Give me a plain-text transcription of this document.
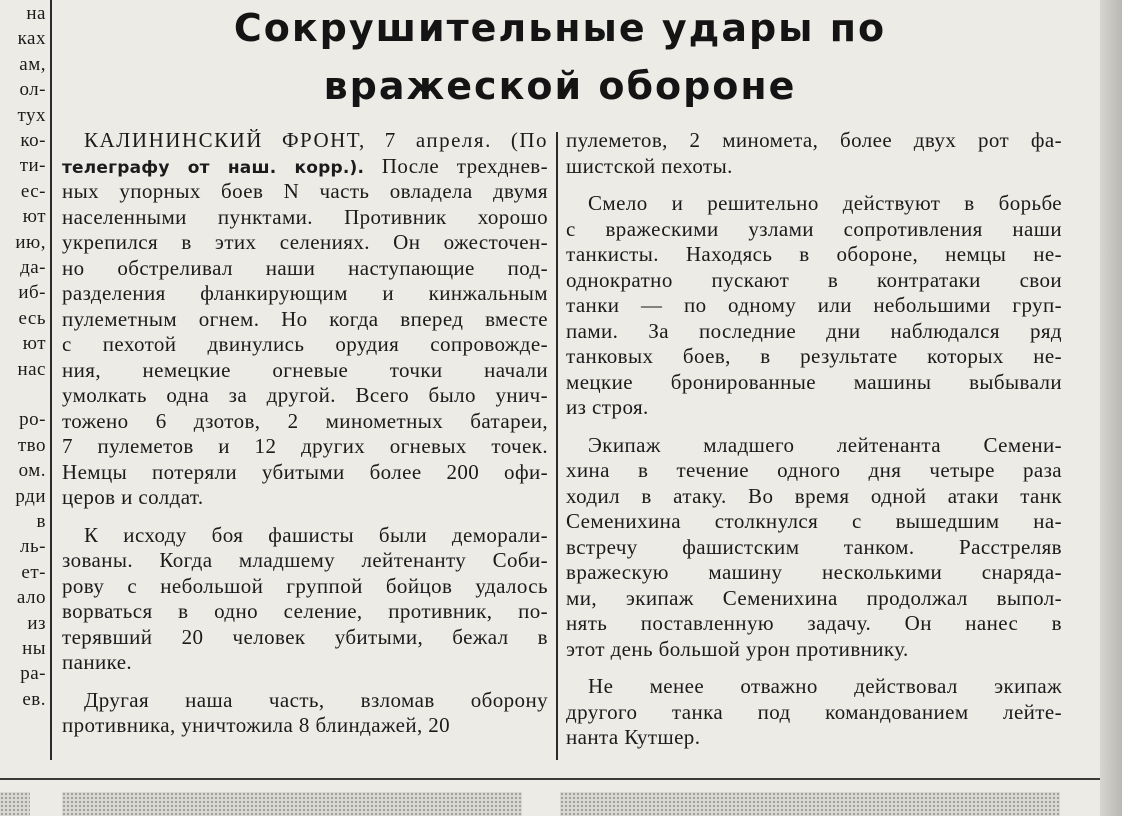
на
ках
ам,
ол-
тух
ко-
ти-
ес-
ют
ию,
да-
иб-
есь
ют
нас
ро-
тво
ом.
рди
в
ль-
ет-
ало
из
ны
ра-
ев.
Сокрушительные удары по
вражеской обороне
КАЛИНИНСКИЙ ФРОНТ, 7 апреля. (По
телеграфу от наш. корр.). После трехднев-
ных упорных боев N часть овладела двумя
населенными пунктами. Противник хорошо
укрепился в этих селениях. Он ожесточен-
но обстреливал наши наступающие под-
разделения фланкирующим и кинжальным
пулеметным огнем. Но когда вперед вместе
с пехотой двинулись орудия сопровожде-
ния, немецкие огневые точки начали
умолкать одна за другой. Всего было унич-
тожено 6 дзотов, 2 минометных батареи,
7 пулеметов и 12 других огневых точек.
Немцы потеряли убитыми более 200 офи-
церов и солдат.
К исходу боя фашисты были деморали-
зованы. Когда младшему лейтенанту Соби-
рову с небольшой группой бойцов удалось
ворваться в одно селение, противник, по-
терявший 20 человек убитыми, бежал в
панике.
Другая наша часть, взломав оборону
противника, уничтожила 8 блиндажей, 20
пулеметов, 2 миномета, более двух рот фа-
шистской пехоты.
Смело и решительно действуют в борьбе
с вражескими узлами сопротивления наши
танкисты. Находясь в обороне, немцы не-
однократно пускают в контратаки свои
танки — по одному или небольшими груп-
пами. За последние дни наблюдался ряд
танковых боев, в результате которых не-
мецкие бронированные машины выбывали
из строя.
Экипаж младшего лейтенанта Семени-
хина в течение одного дня четыре раза
ходил в атаку. Во время одной атаки танк
Семенихина столкнулся с вышедшим на-
встречу фашистским танком. Расстреляв
вражескую машину несколькими снаряда-
ми, экипаж Семенихина продолжал выпол-
нять поставленную задачу. Он нанес в
этот день большой урон противнику.
Не менее отважно действовал экипаж
другого танка под командованием лейте-
нанта Кутшер.
